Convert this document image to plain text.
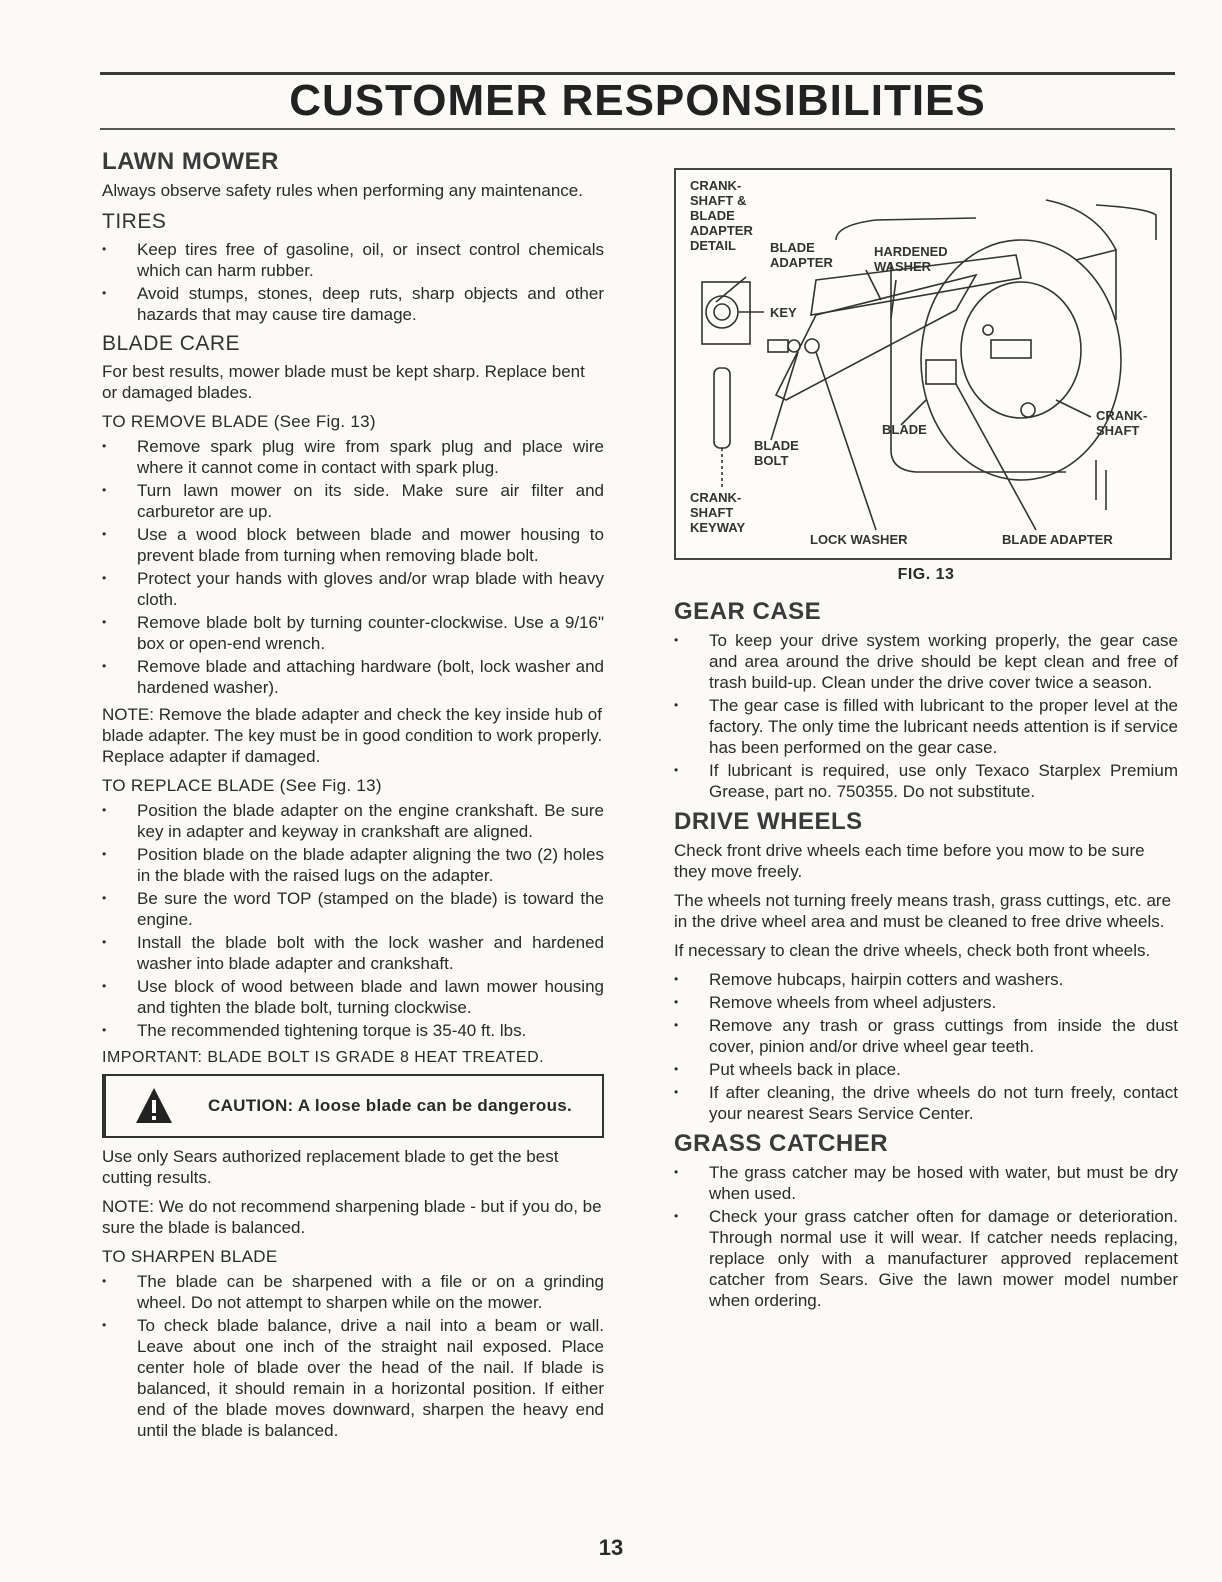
CUSTOMER RESPONSIBILITIES
LAWN MOWER

Always observe safety rules when performing any maintenance.

TIRES
• Keep tires free of gasoline, oil, or insect control chemicals which can harm rubber.
• Avoid stumps, stones, deep ruts, sharp objects and other hazards that may cause tire damage.
BLADE CARE

For best results, mower blade must be kept sharp. Replace bent or damaged blades.

TO REMOVE BLADE (See Fig. 13)
• Remove spark plug wire from spark plug and place wire where it cannot come in contact with spark plug.
• Turn lawn mower on its side. Make sure air filter and carburetor are up.
• Use a wood block between blade and mower housing to prevent blade from turning when removing blade bolt.
• Protect your hands with gloves and/or wrap blade with heavy cloth.
• Remove blade bolt by turning counter-clockwise. Use a 9/16" box or open-end wrench.
• Remove blade and attaching hardware (bolt, lock washer and hardened washer).

NOTE: Remove the blade adapter and check the key inside hub of blade adapter. The key must be in good condition to work properly. Replace adapter if damaged.

TO REPLACE BLADE (See Fig. 13)
• Position the blade adapter on the engine crankshaft. Be sure key in adapter and keyway in crankshaft are aligned.
• Position blade on the blade adapter aligning the two (2) holes in the blade with the raised lugs on the adapter.
• Be sure the word TOP (stamped on the blade) is toward the engine.
• Install the blade bolt with the lock washer and hardened washer into blade adapter and crankshaft.
• Use block of wood between blade and lawn mower housing and tighten the blade bolt, turning clockwise.
• The recommended tightening torque is 35-40 ft. lbs.
IMPORTANT: BLADE BOLT IS GRADE 8 HEAT TREATED.
CAUTION: A loose blade can be dangerous.

Use only Sears authorized replacement blade to get the best cutting results.

NOTE: We do not recommend sharpening blade - but if you do, be sure the blade is balanced.

TO SHARPEN BLADE
• The blade can be sharpened with a file or on a grinding wheel. Do not attempt to sharpen while on the mower.
• To check blade balance, drive a nail into a beam or wall. Leave about one inch of the straight nail exposed. Place center hole of blade over the head of the nail. If blade is balanced, it should remain in a horizontal position. If either end of the blade moves downward, sharpen the heavy end until the blade is balanced.
CRANK-
SHAFT &
BLADE
ADAPTER
DETAIL	BLADE
ADAPTER
HARDENED
WASHER
KEY
BLADE
CRANK-
SHAFT
BLADE
BOLT
CRANK-
SHAFT
KEYWAY
LOCK WASHER	BLADE ADAPTER
FIG. 13
GEAR CASE
• To keep your drive system working properly, the gear case and area around the drive should be kept clean and free of trash build-up. Clean under the drive cover twice a season.
• The gear case is filled with lubricant to the proper level at the factory. The only time the lubricant needs attention is if service has been performed on the gear case.
• If lubricant is required, use only Texaco Starplex Premium Grease, part no. 750355. Do not substitute.
DRIVE WHEELS

Check front drive wheels each time before you mow to be sure they move freely.

The wheels not turning freely means trash, grass cuttings, etc. are in the drive wheel area and must be cleaned to free drive wheels.

If necessary to clean the drive wheels, check both front wheels.

• Remove hubcaps, hairpin cotters and washers.
• Remove wheels from wheel adjusters.
• Remove any trash or grass cuttings from inside the dust cover, pinion and/or drive wheel gear teeth.
• Put wheels back in place.
• If after cleaning, the drive wheels do not turn freely, contact your nearest Sears Service Center.
GRASS CATCHER
• The grass catcher may be hosed with water, but must be dry when used.
• Check your grass catcher often for damage or deterioration. Through normal use it will wear. If catcher needs replacing, replace only with a manufacturer approved replacement catcher from Sears. Give the lawn mower model number when ordering.
13
